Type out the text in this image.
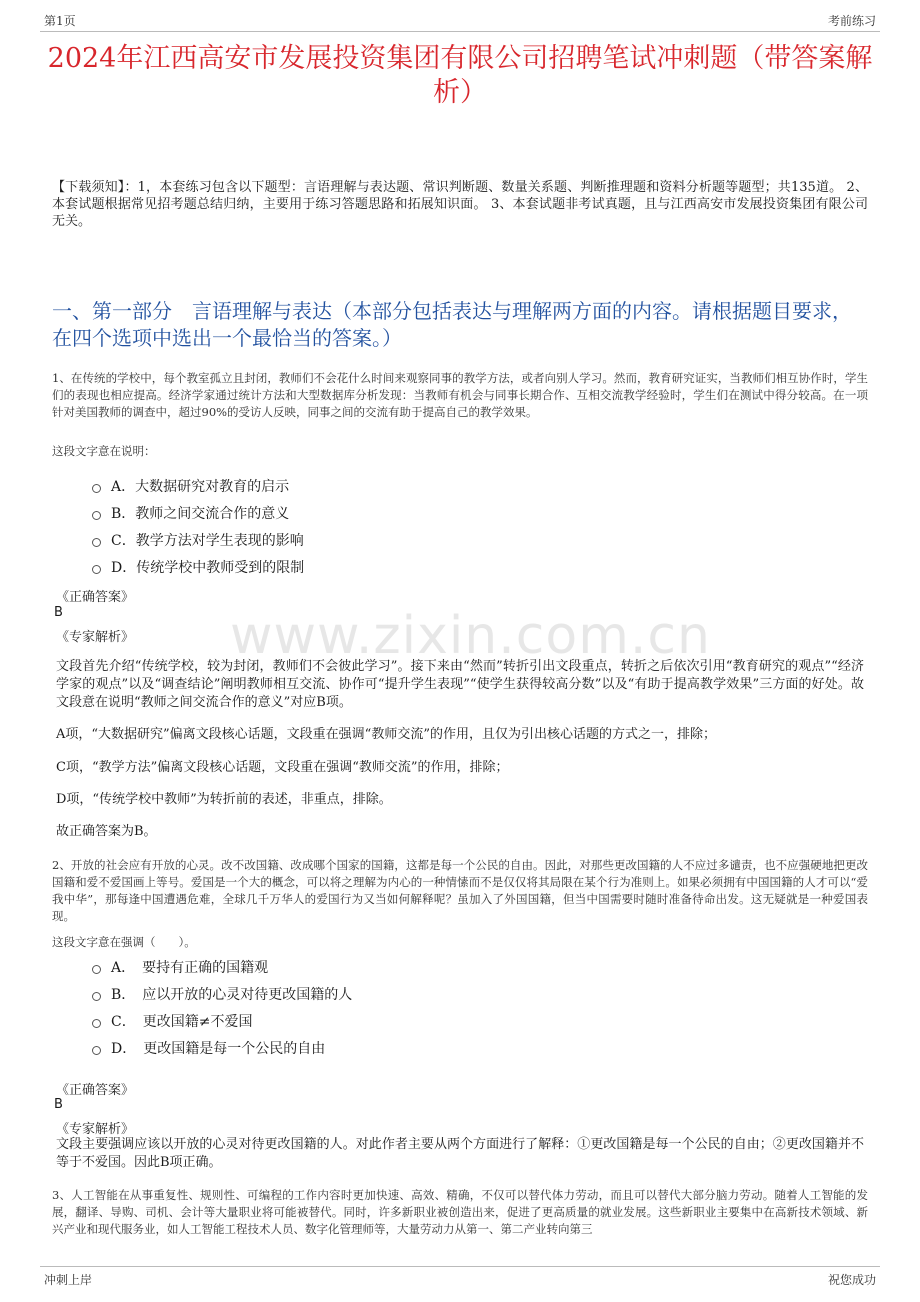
第1页	考前练习
www.zixin.com.cn
2024年江西高安市发展投资集团有限公司招聘笔试冲刺题（带答案解析）
【下载须知】：1，本套练习包含以下题型：言语理解与表达题、常识判断题、数量关系题、判断推理题和资料分析题等题型；共135道。 2、本套试题根据常见招考题总结归纳，主要用于练习答题思路和拓展知识面。 3、本套试题非考试真题，且与江西高安市发展投资集团有限公司无关。
一、第一部分　言语理解与表达（本部分包括表达与理解两方面的内容。请根据题目要求，在四个选项中选出一个最恰当的答案。）
1、在传统的学校中，每个教室孤立且封闭，教师们不会花什么时间来观察同事的教学方法，或者向别人学习。然而，教育研究证实，当教师们相互协作时，学生们的表现也相应提高。经济学家通过统计方法和大型数据库分析发现：当教师有机会与同事长期合作、互相交流教学经验时，学生们在测试中得分较高。在一项针对美国教师的调查中，超过90%的受访人反映，同事之间的交流有助于提高自己的教学效果。
这段文字意在说明：
A．大数据研究对教育的启示
B．教师之间交流合作的意义
C．教学方法对学生表现的影响
D．传统学校中教师受到的限制
《正确答案》
B
《专家解析》
文段首先介绍“传统学校，较为封闭，教师们不会彼此学习”。接下来由“然而”转折引出文段重点，转折之后依次引用“教育研究的观点”“经济学家的观点”以及“调查结论”阐明教师相互交流、协作可“提升学生表现”“使学生获得较高分数”以及“有助于提高教学效果”三方面的好处。故文段意在说明“教师之间交流合作的意义”对应B项。
A项，“大数据研究”偏离文段核心话题，文段重在强调“教师交流”的作用，且仅为引出核心话题的方式之一，排除；
C项，“教学方法”偏离文段核心话题，文段重在强调“教师交流”的作用，排除；
D项，“传统学校中教师”为转折前的表述，非重点，排除。
故正确答案为B。
2、开放的社会应有开放的心灵。改不改国籍、改成哪个国家的国籍，这都是每一个公民的自由。因此，对那些更改国籍的人不应过多谴责，也不应强硬地把更改国籍和爱不爱国画上等号。爱国是一个大的概念，可以将之理解为内心的一种情愫而不是仅仅将其局限在某个行为准则上。如果必须拥有中国国籍的人才可以“爱我中华”，那每逢中国遭遇危难，全球几千万华人的爱国行为又当如何解释呢？虽加入了外国国籍，但当中国需要时随时准备待命出发。这无疑就是一种爱国表现。
这段文字意在强调（　　）。
A．　要持有正确的国籍观
B．　应以开放的心灵对待更改国籍的人
C．　更改国籍≠不爱国
D．　更改国籍是每一个公民的自由
《正确答案》
B
《专家解析》
文段主要强调应该以开放的心灵对待更改国籍的人。对此作者主要从两个方面进行了解释：①更改国籍是每一个公民的自由；②更改国籍并不等于不爱国。因此B项正确。
3、人工智能在从事重复性、规则性、可编程的工作内容时更加快速、高效、精确，不仅可以替代体力劳动，而且可以替代大部分脑力劳动。随着人工智能的发展，翻译、导购、司机、会计等大量职业将可能被替代。同时，许多新职业被创造出来，促进了更高质量的就业发展。这些新职业主要集中在高新技术领域、新兴产业和现代服务业，如人工智能工程技术人员、数字化管理师等，大量劳动力从第一、第二产业转向第三
冲刺上岸	祝您成功
